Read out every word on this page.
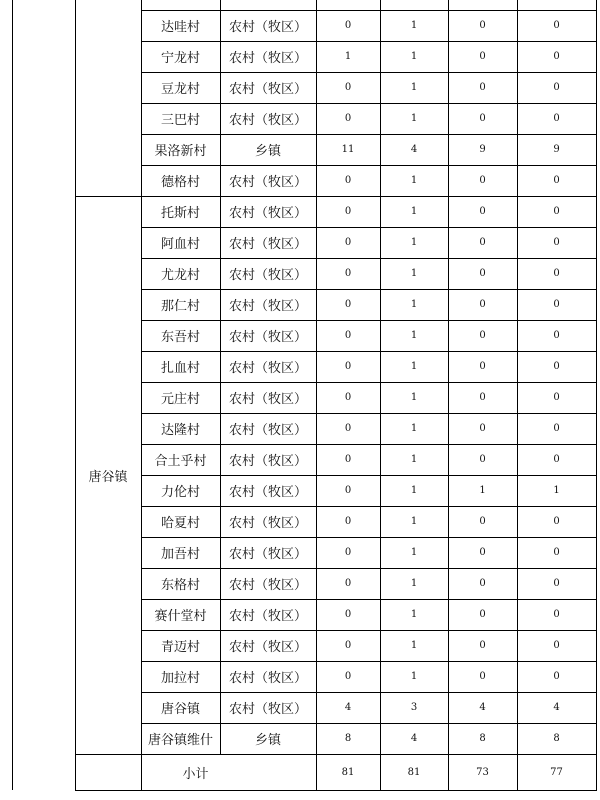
达哇村	农村（牧区）	0	1	0	0
宁龙村	农村（牧区）	1	1	0	0
豆龙村	农村（牧区）	0	1	0	0
三巴村	农村（牧区）	0	1	0	0
果洛新村	乡镇	11	4	9	9
德格村	农村（牧区）	0	1	0	0
托斯村	农村（牧区）	0	1	0	0
阿血村	农村（牧区）	0	1	0	0
尤龙村	农村（牧区）	0	1	0	0
那仁村	农村（牧区）	0	1	0	0
东吾村	农村（牧区）	0	1	0	0
扎血村	农村（牧区）	0	1	0	0
元庄村	农村（牧区）	0	1	0	0
达隆村	农村（牧区）	0	1	0	0
合土乎村	农村（牧区）	0	1	0	0
力伦村	农村（牧区）	0	1	1	1
哈夏村	农村（牧区）	0	1	0	0
加吾村	农村（牧区）	0	1	0	0
东格村	农村（牧区）	0	1	0	0
赛什堂村	农村（牧区）	0	1	0	0
青迈村	农村（牧区）	0	1	0	0
加拉村	农村（牧区）	0	1	0	0
唐谷镇	农村（牧区）	4	3	4	4
唐谷镇维什	乡镇	8	4	8	8
唐谷镇
小计	81	81	73	77
